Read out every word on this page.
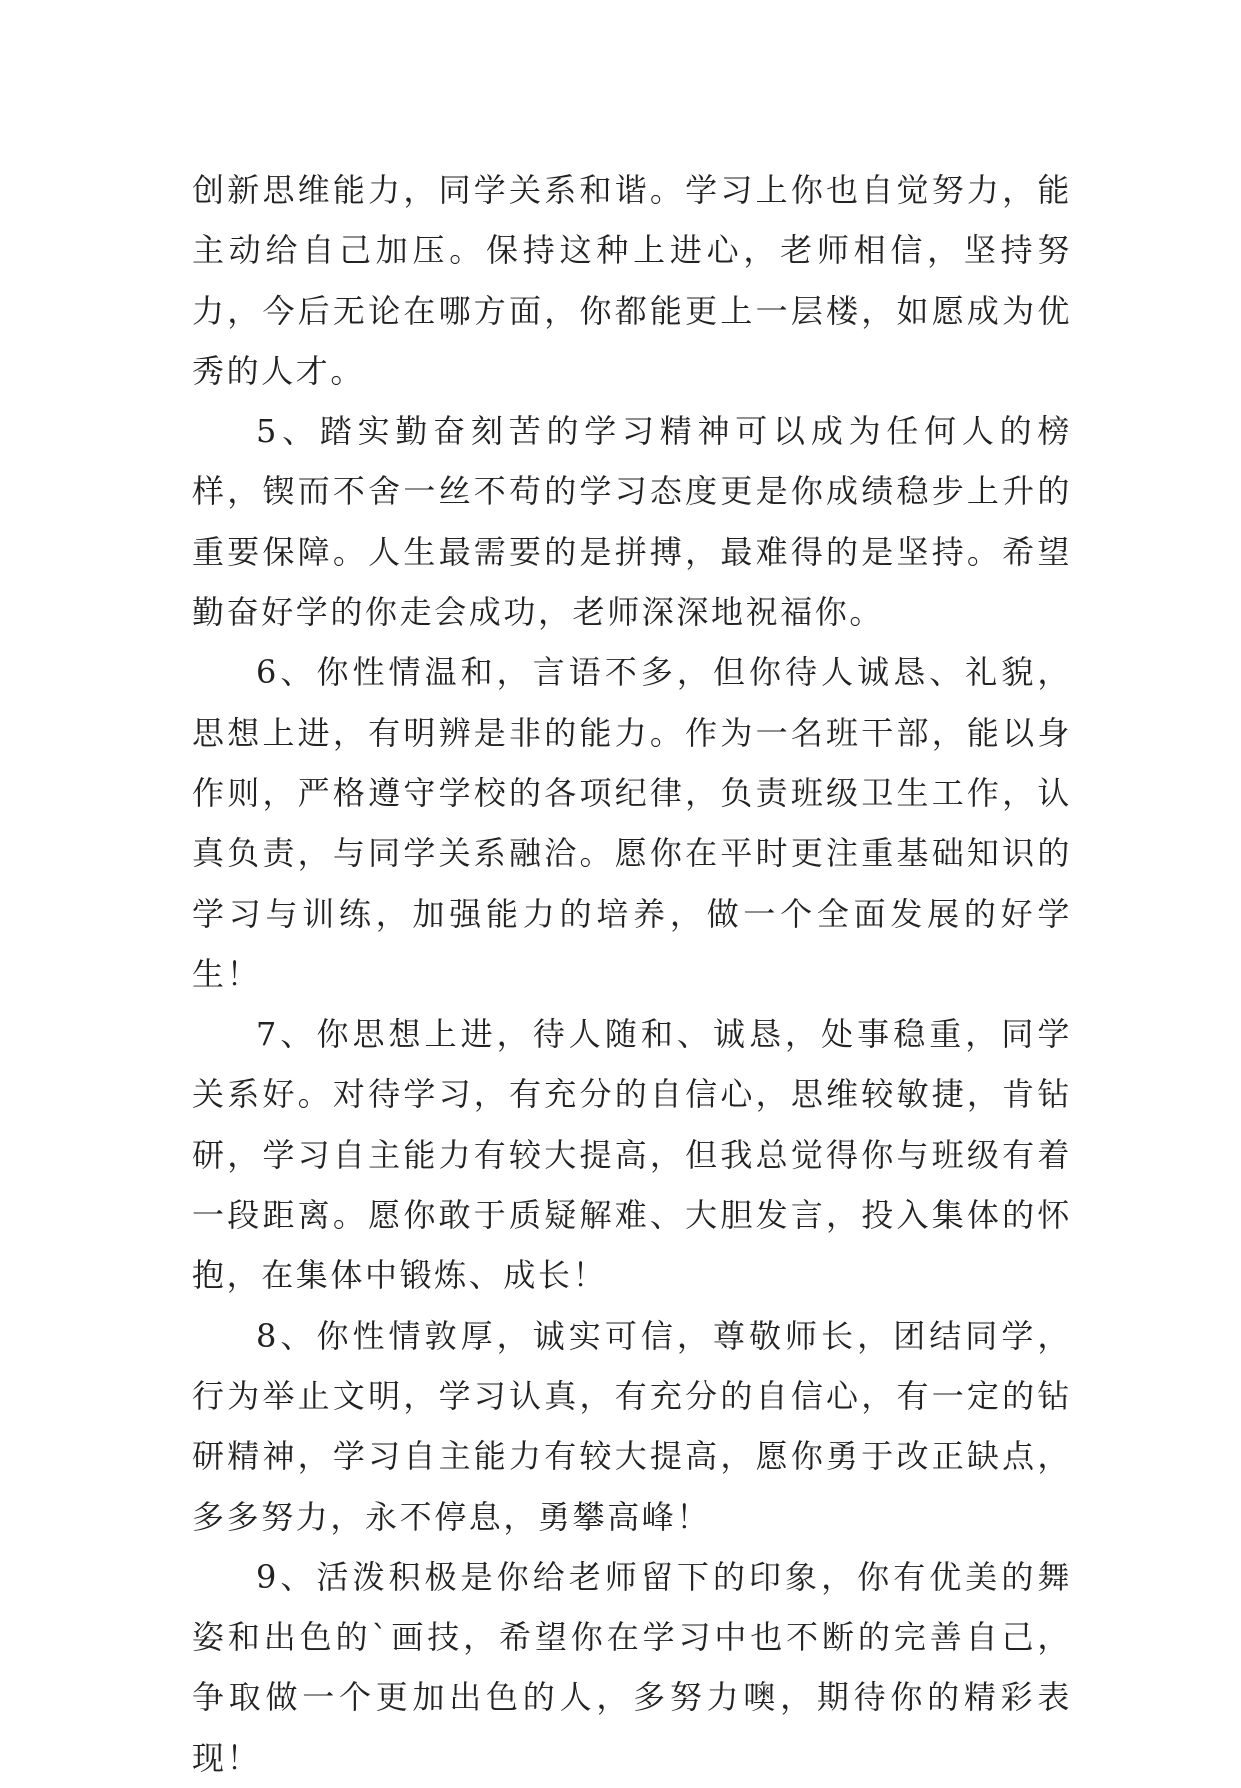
创新思维能力，同学关系和谐。学习上你也自觉努力，能主动给自己加压。保持这种上进心，老师相信，坚持努力，今后无论在哪方面，你都能更上一层楼，如愿成为优秀的人才。

5、踏实勤奋刻苦的学习精神可以成为任何人的榜样，锲而不舍一丝不苟的学习态度更是你成绩稳步上升的重要保障。人生最需要的是拼搏，最难得的是坚持。希望勤奋好学的你走会成功，老师深深地祝福你。

6、你性情温和，言语不多，但你待人诚恳、礼貌，思想上进，有明辨是非的能力。作为一名班干部，能以身作则，严格遵守学校的各项纪律，负责班级卫生工作，认真负责，与同学关系融洽。愿你在平时更注重基础知识的学习与训练，加强能力的培养，做一个全面发展的好学生！

7、你思想上进，待人随和、诚恳，处事稳重，同学关系好。对待学习，有充分的自信心，思维较敏捷，肯钻研，学习自主能力有较大提高，但我总觉得你与班级有着一段距离。愿你敢于质疑解难、大胆发言，投入集体的怀抱，在集体中锻炼、成长！

8、你性情敦厚，诚实可信，尊敬师长，团结同学，行为举止文明，学习认真，有充分的自信心，有一定的钻研精神，学习自主能力有较大提高，愿你勇于改正缺点，多多努力，永不停息，勇攀高峰！

9、活泼积极是你给老师留下的印象，你有优美的舞姿和出色的`画技，希望你在学习中也不断的完善自己，争取做一个更加出色的人，多努力噢，期待你的精彩表现！
